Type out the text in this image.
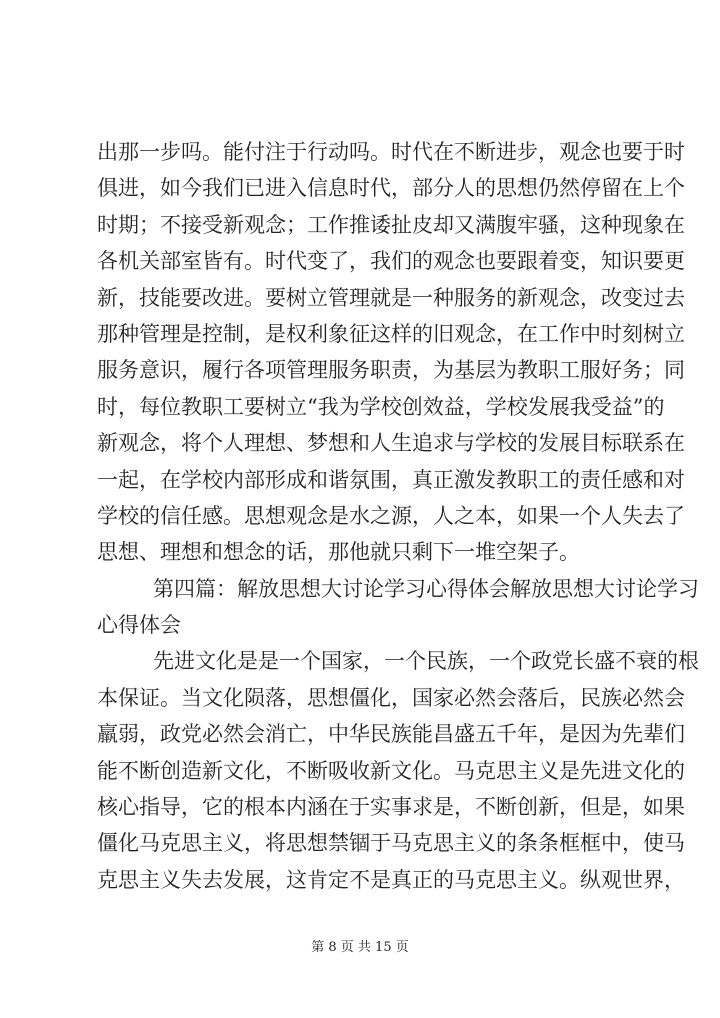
出那一步吗。能付注于行动吗。时代在不断进步，观念也要于时
俱进，如今我们已进入信息时代，部分人的思想仍然停留在上个
时期；不接受新观念；工作推诿扯皮却又满腹牢骚，这种现象在
各机关部室皆有。时代变了，我们的观念也要跟着变，知识要更
新，技能要改进。要树立管理就是一种服务的新观念，改变过去
那种管理是控制，是权利象征这样的旧观念，在工作中时刻树立
服务意识，履行各项管理服务职责，为基层为教职工服好务；同
时，每位教职工要树立“我为学校创效益，学校发展我受益”的
新观念，将个人理想、梦想和人生追求与学校的发展目标联系在
一起，在学校内部形成和谐氛围，真正激发教职工的责任感和对
学校的信任感。思想观念是水之源，人之本，如果一个人失去了
思想、理想和想念的话，那他就只剩下一堆空架子。
第四篇：解放思想大讨论学习心得体会解放思想大讨论学习
心得体会
先进文化是是一个国家，一个民族，一个政党长盛不衰的根
本保证。当文化陨落，思想僵化，国家必然会落后，民族必然会
羸弱，政党必然会消亡，中华民族能昌盛五千年，是因为先辈们
能不断创造新文化，不断吸收新文化。马克思主义是先进文化的
核心指导，它的根本内涵在于实事求是，不断创新，但是，如果
僵化马克思主义，将思想禁锢于马克思主义的条条框框中，使马
克思主义失去发展，这肯定不是真正的马克思主义。纵观世界，
第 8 页 共 15 页
